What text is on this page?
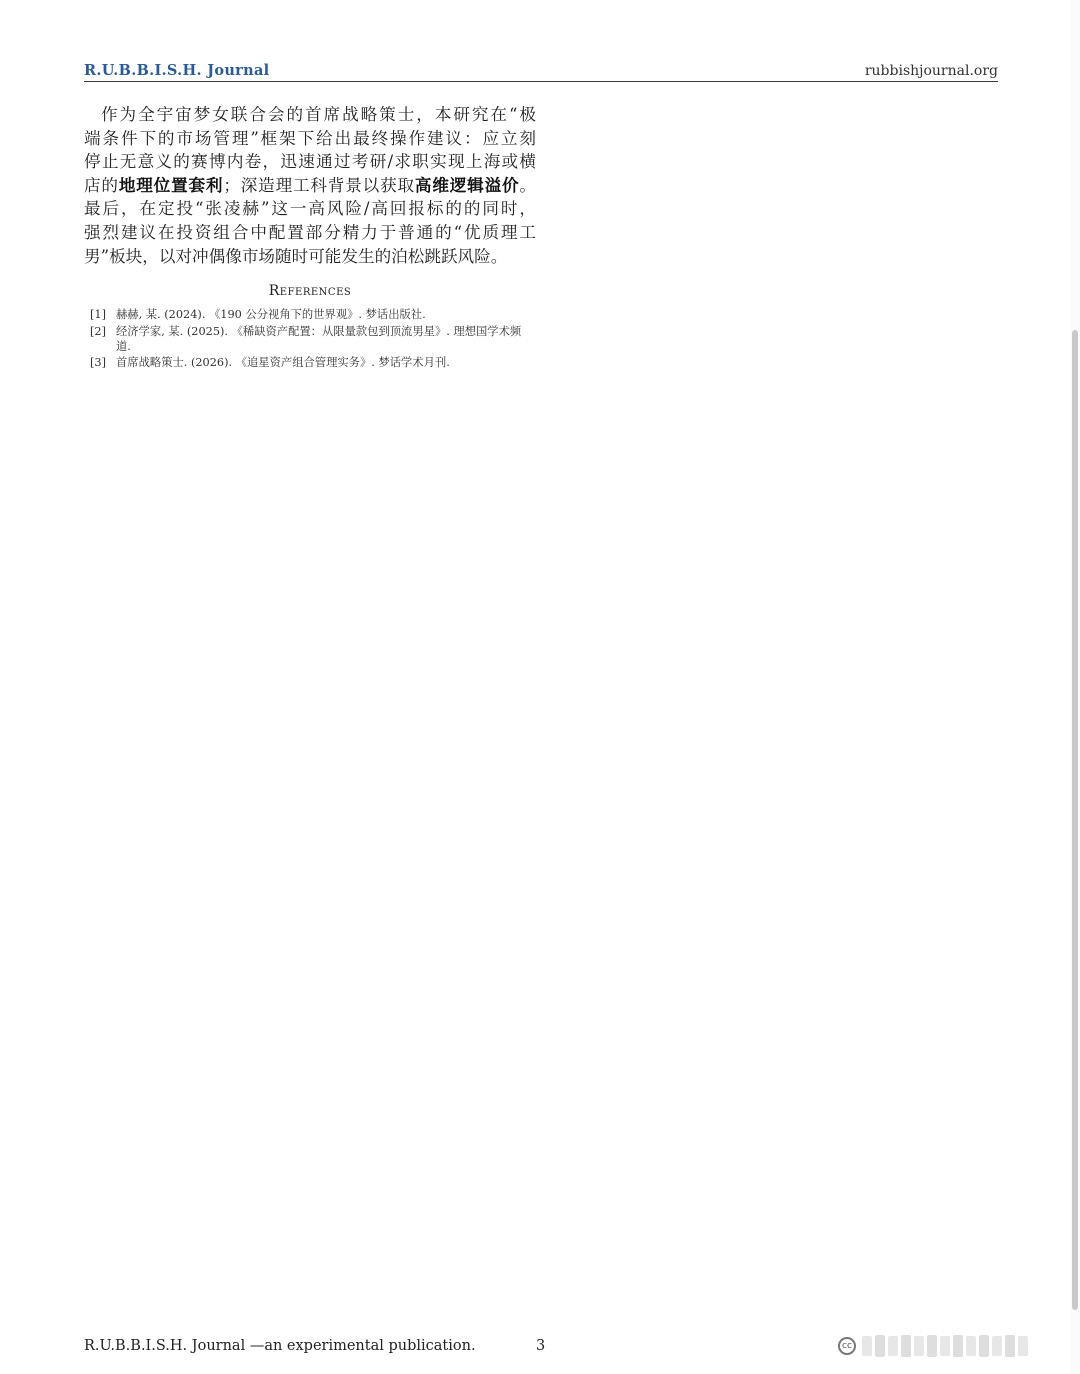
R.U.B.B.I.S.H. Journal	rubbishjournal.org
作为全宇宙梦女联合会的首席战略策士，本研究在“极
端条件下的市场管理”框架下给出最终操作建议：应立刻
停止无意义的赛博内卷，迅速通过考研/求职实现上海或横
店的地理位置套利；深造理工科背景以获取高维逻辑溢价。
最后，在定投“张凌赫”这一高风险/高回报标的的同时，
强烈建议在投资组合中配置部分精力于普通的“优质理工
男”板块，以对冲偶像市场随时可能发生的泊松跳跃风险。
References
[1] 赫赫, 某. (2024). 《190 公分视角下的世界观》. 梦话出版社.
[2] 经济学家, 某. (2025). 《稀缺资产配置：从限量款包到顶流男星》. 理想国学术频道.
[3] 首席战略策士. (2026). 《追星资产组合管理实务》. 梦话学术月刊.
R.U.B.B.I.S.H. Journal —an experimental publication.	3	cc
